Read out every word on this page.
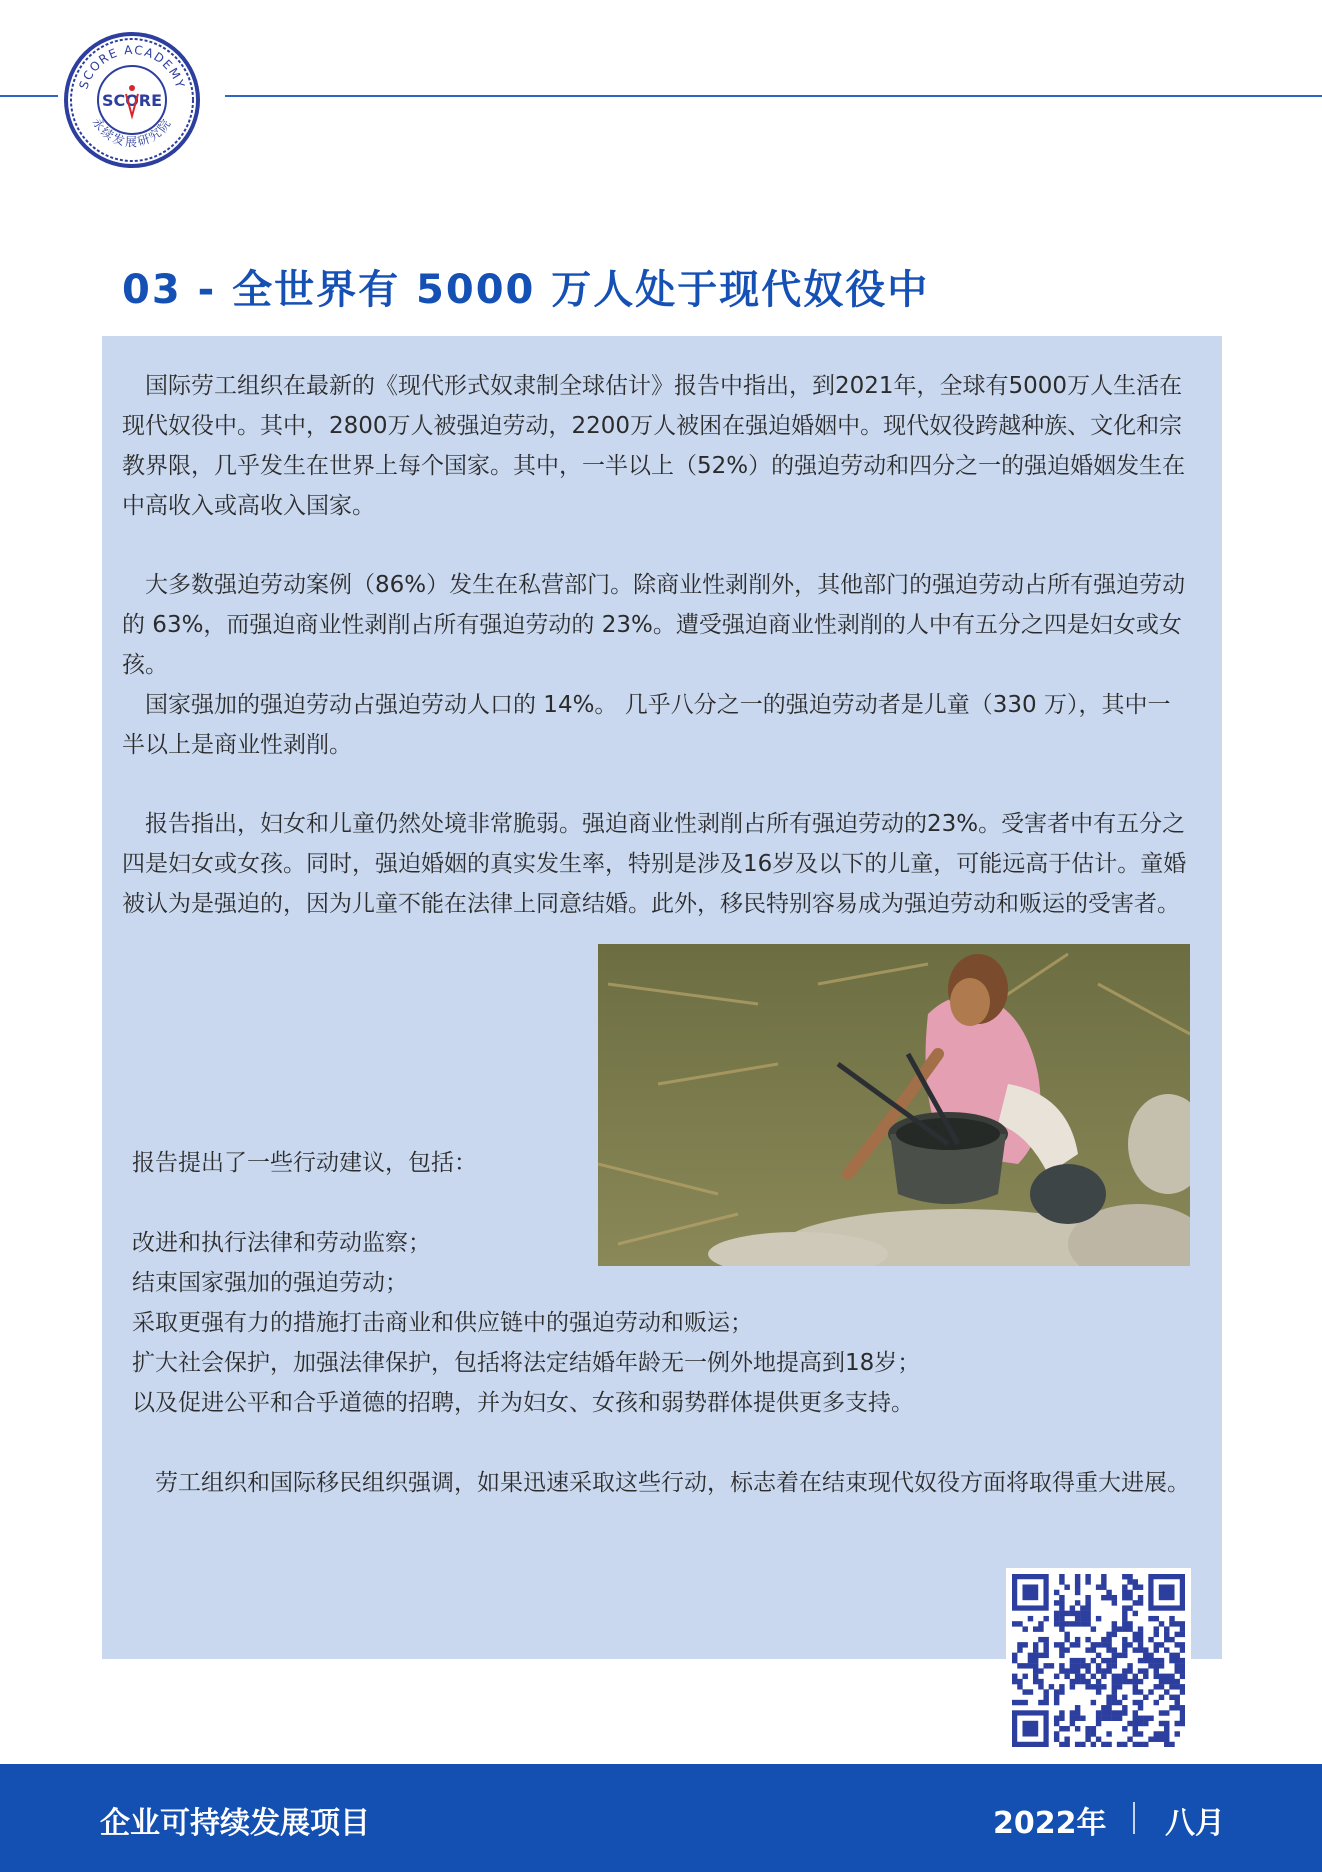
SCORE ACADEMY
永续发展研究院
SCORE
03 - 全世界有 5000 万人处于现代奴役中

国际劳工组织在最新的《现代形式奴隶制全球估计》报告中指出，到2021年，全球有5000万人生活在现代奴役中。其中，2800万人被强迫劳动，2200万人被困在强迫婚姻中。现代奴役跨越种族、文化和宗教界限，几乎发生在世界上每个国家。其中，一半以上（52%）的强迫劳动和四分之一的强迫婚姻发生在中高收入或高收入国家。

大多数强迫劳动案例（86%）发生在私营部门。除商业性剥削外，其他部门的强迫劳动占所有强迫劳动的 63%，而强迫商业性剥削占所有强迫劳动的 23%。遭受强迫商业性剥削的人中有五分之四是妇女或女孩。

国家强加的强迫劳动占强迫劳动人口的 14%。 几乎八分之一的强迫劳动者是儿童（330 万），其中一半以上是商业性剥削。

报告指出，妇女和儿童仍然处境非常脆弱。强迫商业性剥削占所有强迫劳动的23%。受害者中有五分之四是妇女或女孩。同时，强迫婚姻的真实发生率，特别是涉及16岁及以下的儿童，可能远高于估计。童婚被认为是强迫的，因为儿童不能在法律上同意结婚。此外，移民特别容易成为强迫劳动和贩运的受害者。

报告提出了一些行动建议，包括：

改进和执行法律和劳动监察；
结束国家强加的强迫劳动；
采取更强有力的措施打击商业和供应链中的强迫劳动和贩运；
扩大社会保护，加强法律保护，包括将法定结婚年龄无一例外地提高到18岁；
以及促进公平和合乎道德的招聘，并为妇女、女孩和弱势群体提供更多支持。

劳工组织和国际移民组织强调，如果迅速采取这些行动，标志着在结束现代奴役方面将取得重大进展。

企业可持续发展项目	2022年 八月
